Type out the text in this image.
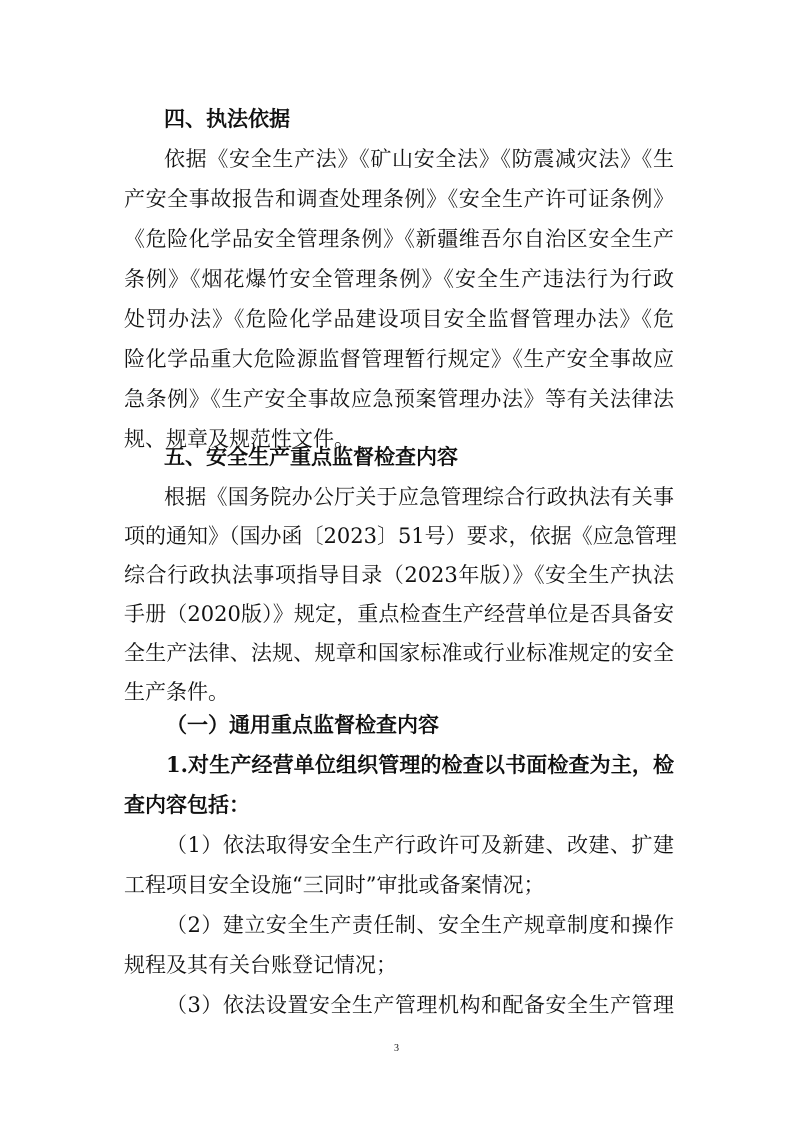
四、执法依据
依据《安全生产法》《矿山安全法》《防震减灾法》《生
产安全事故报告和调查处理条例》《安全生产许可证条例》
《危险化学品安全管理条例》《新疆维吾尔自治区安全生产
条例》《烟花爆竹安全管理条例》《安全生产违法行为行政
处罚办法》《危险化学品建设项目安全监督管理办法》《危
险化学品重大危险源监督管理暂行规定》《生产安全事故应
急条例》《生产安全事故应急预案管理办法》等有关法律法
规、规章及规范性文件。
五、安全生产重点监督检查内容
根据《国务院办公厅关于应急管理综合行政执法有关事
项的通知》（国办函〔2023〕51号）要求，依据《应急管理
综合行政执法事项指导目录（2023年版）》《安全生产执法
手册（2020版）》规定，重点检查生产经营单位是否具备安
全生产法律、法规、规章和国家标准或行业标准规定的安全
生产条件。
（一）通用重点监督检查内容
1.对生产经营单位组织管理的检查以书面检查为主，检
查内容包括：
（1）依法取得安全生产行政许可及新建、改建、扩建
工程项目安全设施“三同时”审批或备案情况；
（2）建立安全生产责任制、安全生产规章制度和操作
规程及其有关台账登记情况；
（3）依法设置安全生产管理机构和配备安全生产管理
3
